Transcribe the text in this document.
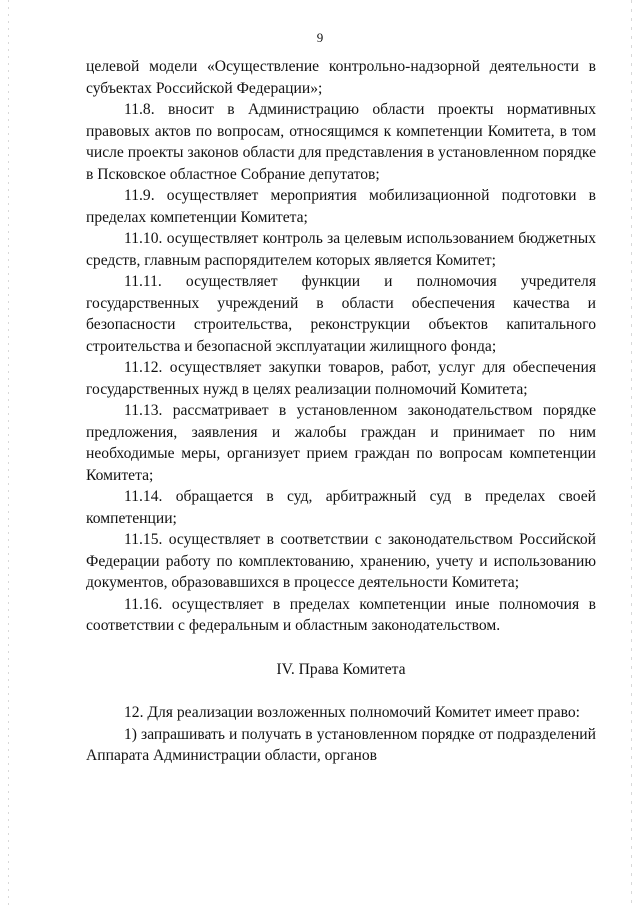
9

целевой модели «Осуществление контрольно-надзорной деятельности в субъектах Российской Федерации»;

11.8. вносит в Администрацию области проекты нормативных правовых актов по вопросам, относящимся к компетенции Комитета, в том числе проекты законов области для представления в установленном порядке в Псковское областное Собрание депутатов;

11.9. осуществляет мероприятия мобилизационной подготовки в пределах компетенции Комитета;

11.10. осуществляет контроль за целевым использованием бюджетных средств, главным распорядителем которых является Комитет;

11.11. осуществляет функции и полномочия учредителя государственных учреждений в области обеспечения качества и безопасности строительства, реконструкции объектов капитального строительства и безопасной эксплуатации жилищного фонда;

11.12. осуществляет закупки товаров, работ, услуг для обеспечения государственных нужд в целях реализации полномочий Комитета;

11.13. рассматривает в установленном законодательством порядке предложения, заявления и жалобы граждан и принимает по ним необходимые меры, организует прием граждан по вопросам компетенции Комитета;

11.14. обращается в суд, арбитражный суд в пределах своей компетенции;

11.15. осуществляет в соответствии с законодательством Российской Федерации работу по комплектованию, хранению, учету и использованию документов, образовавшихся в процессе деятельности Комитета;

11.16. осуществляет в пределах компетенции иные полномочия в соответствии с федеральным и областным законодательством.

IV. Права Комитета

12. Для реализации возложенных полномочий Комитет имеет право:

1) запрашивать и получать в установленном порядке от подразделений Аппарата Администрации области, органов
